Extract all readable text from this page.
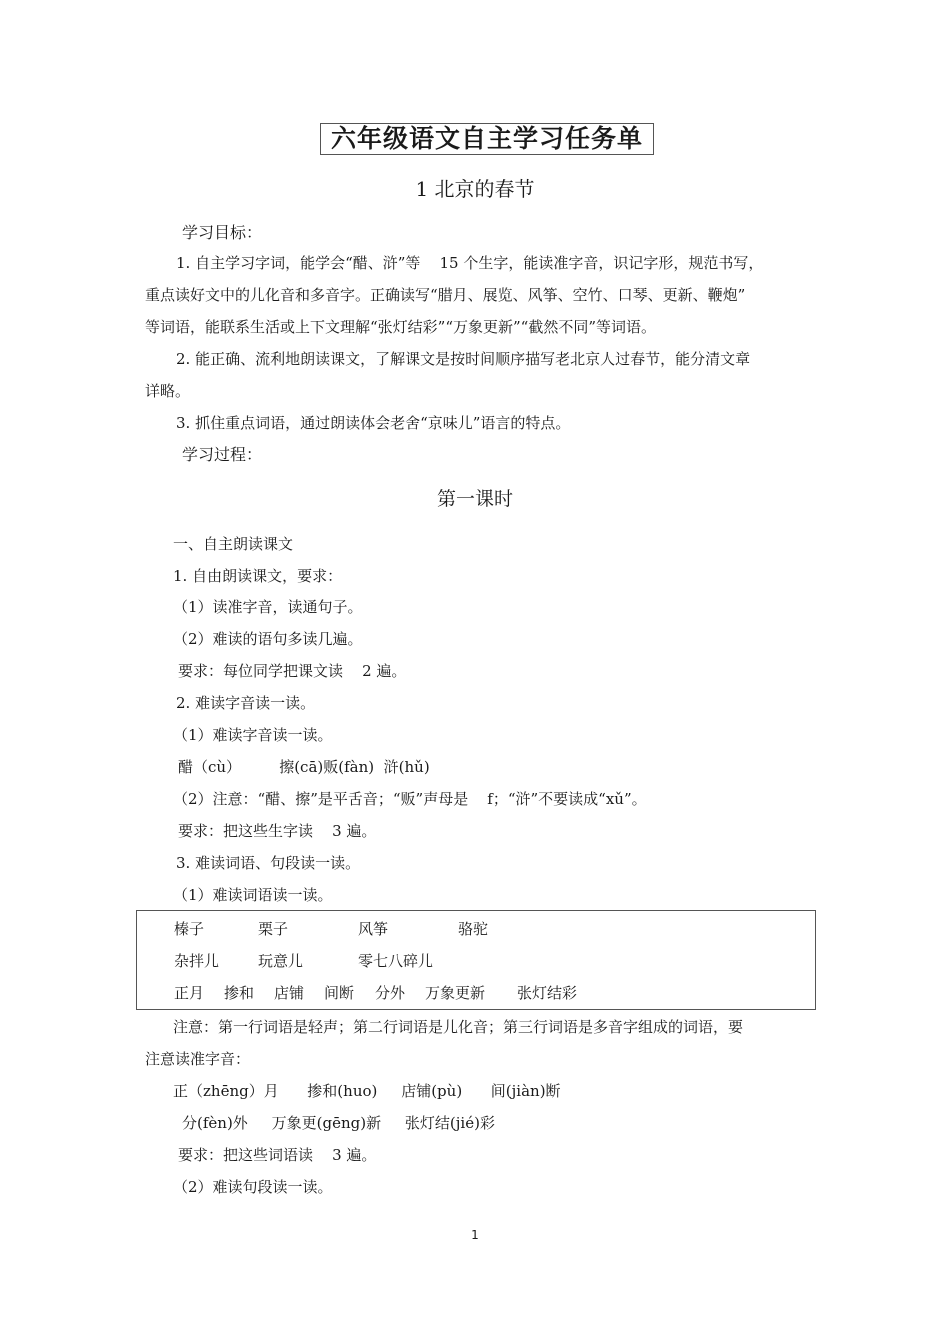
六年级语文自主学习任务单
1 北京的春节
学习目标：
1. 自主学习字词，能学会“醋、浒”等    15 个生字，能读准字音，识记字形，规范书写，
重点读好文中的儿化音和多音字。正确读写“腊月、展览、风筝、空竹、口琴、更新、鞭炮”
等词语，能联系生活或上下文理解“张灯结彩”“万象更新”“截然不同”等词语。
2. 能正确、流利地朗读课文，了解课文是按时间顺序描写老北京人过春节，能分清文章
详略。
3. 抓住重点词语，通过朗读体会老舍“京味儿”语言的特点。
学习过程：
第一课时
一、自主朗读课文
1. 自由朗读课文，要求：
（1）读准字音，读通句子。
（2）难读的语句多读几遍。
要求：每位同学把课文读    2 遍。
2. 难读字音读一读。
（1）难读字音读一读。
醋（cù）        擦(cā)贩(fàn)  浒(hǔ)
（2）注意：“醋、擦”是平舌音；“贩”声母是    f；“浒”不要读成“xǔ”。
要求：把这些生字读    3 遍。
3. 难读词语、句段读一读。
（1）难读词语读一读。
榛子	栗子	风筝	骆驼
杂拌儿	玩意儿	零七八碎儿
正月 掺和 店铺 间断 分外 万象更新 张灯结彩
注意：第一行词语是轻声；第二行词语是儿化音；第三行词语是多音字组成的词语，要
注意读准字音：
正（zhēng）月      掺和(huo)     店铺(pù)      间(jiàn)断
分(fèn)外     万象更(gēng)新     张灯结(jié)彩
要求：把这些词语读    3 遍。
（2）难读句段读一读。
1
